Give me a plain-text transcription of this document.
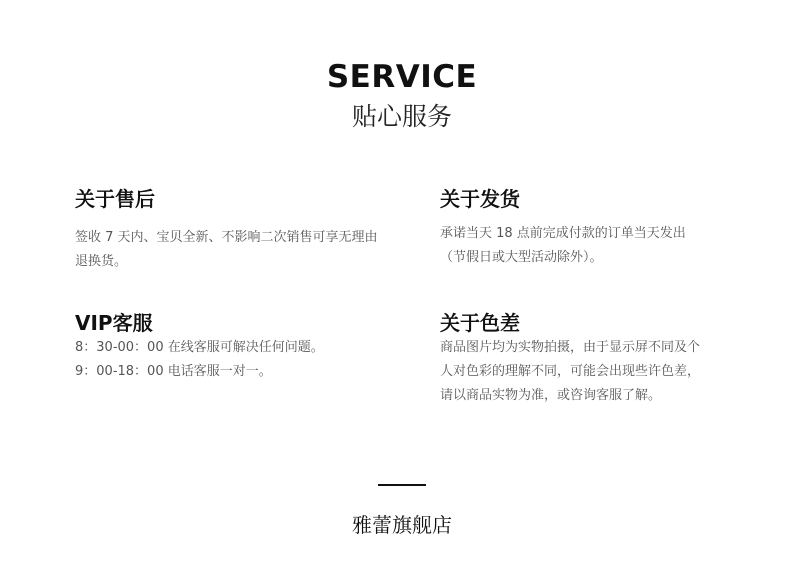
SERVICE
贴心服务
关于售后

签收 7 天内、宝贝全新、不影响二次销售可享无理由
退换货。

关于发货

承诺当天 18 点前完成付款的订单当天发出
（节假日或大型活动除外）。

VIP客服

8：30-00：00 在线客服可解决任何问题。
9：00-18：00 电话客服一对一。

关于色差

商品图片均为实物拍摄，由于显示屏不同及个
人对色彩的理解不同，可能会出现些许色差，
请以商品实物为准，或咨询客服了解。

雅蕾旗舰店
